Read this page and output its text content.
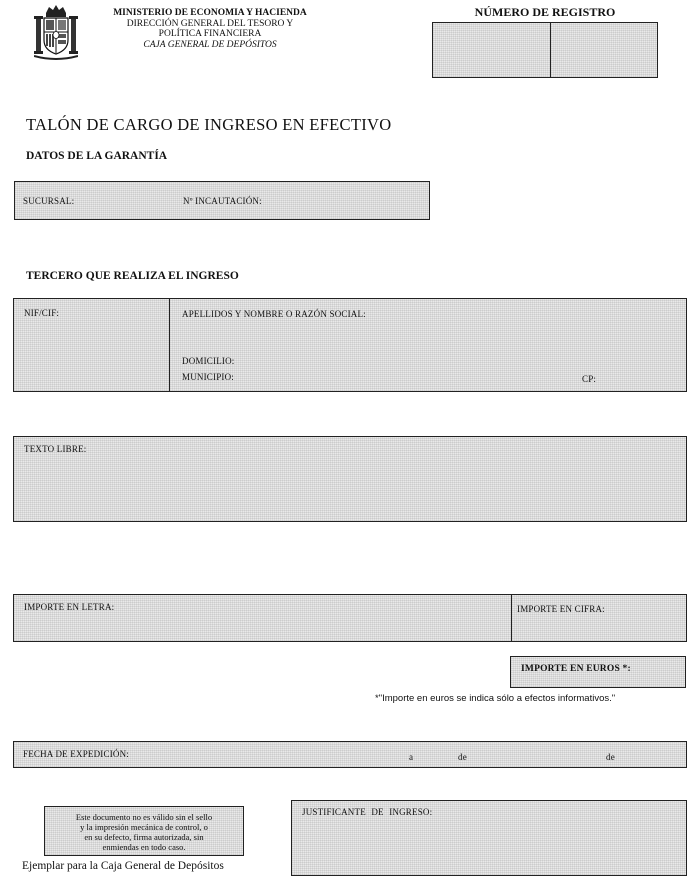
MINISTERIO DE ECONOMIA Y HACIENDA
DIRECCIÓN GENERAL DEL TESORO Y
POLÍTICA FINANCIERA
CAJA GENERAL DE DEPÓSITOS
NÚMERO DE REGISTRO
TALÓN DE CARGO DE INGRESO EN EFECTIVO
DATOS DE LA GARANTÍA
SUCURSAL:	Nº INCAUTACIÓN:
TERCERO QUE REALIZA EL INGRESO
NIF/CIF:	APELLIDOS Y NOMBRE O RAZÓN SOCIAL:
DOMICILIO:
MUNICIPIO:	CP:
TEXTO LIBRE:
IMPORTE EN LETRA:	IMPORTE EN CIFRA:
IMPORTE EN EUROS *:
*"Importe en euros se indica sólo a efectos informativos."
FECHA DE EXPEDICIÓN:	a	de	de
Este documento no es válido sin el sello
y la impresión mecánica de control, o
en su defecto, firma autorizada, sin
enmiendas en todo caso.
JUSTIFICANTE DE INGRESO:
Ejemplar para la Caja General de Depósitos
